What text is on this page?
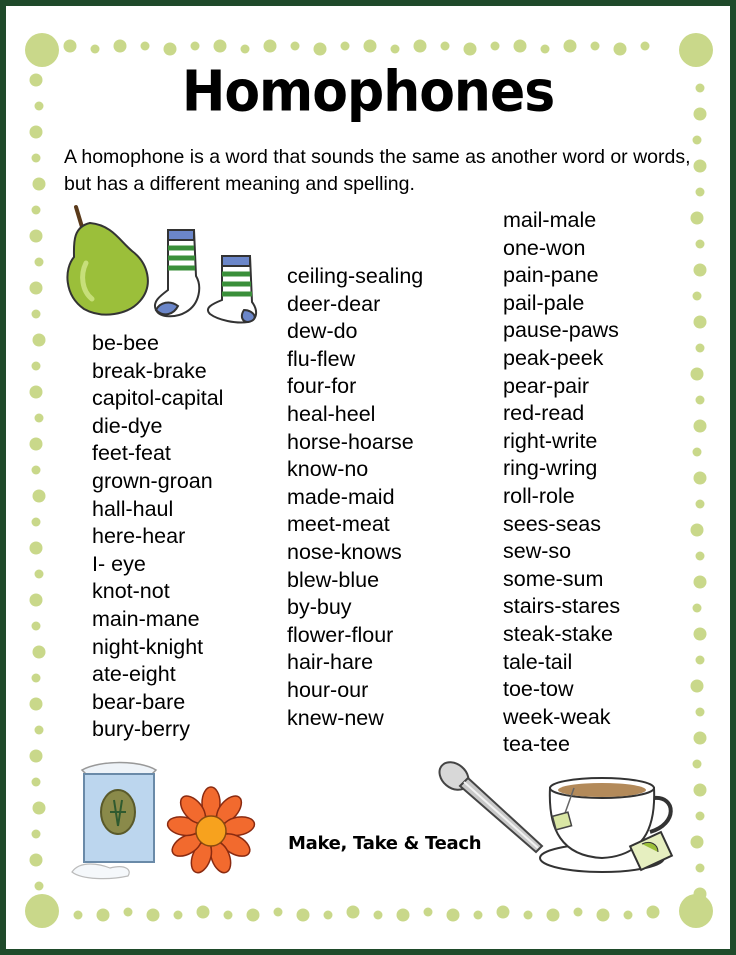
Homophones
A homophone is a word that sounds the same as another word or words, but has a different meaning and spelling.
be-bee
break-brake
capitol-capital
die-dye
feet-feat
grown-groan
hall-haul
here-hear
I- eye
knot-not
main-mane
night-knight
ate-eight
bear-bare
bury-berry
ceiling-sealing
deer-dear
dew-do
flu-flew
four-for
heal-heel
horse-hoarse
know-no
made-maid
meet-meat
nose-knows
blew-blue
by-buy
flower-flour
hair-hare
hour-our
knew-new
mail-male
one-won
pain-pane
pail-pale
pause-paws
peak-peek
pear-pair
red-read
right-write
ring-wring
roll-role
sees-seas
sew-so
some-sum
stairs-stares
steak-stake
tale-tail
toe-tow
week-weak
tea-tee
Make, Take & Teach
